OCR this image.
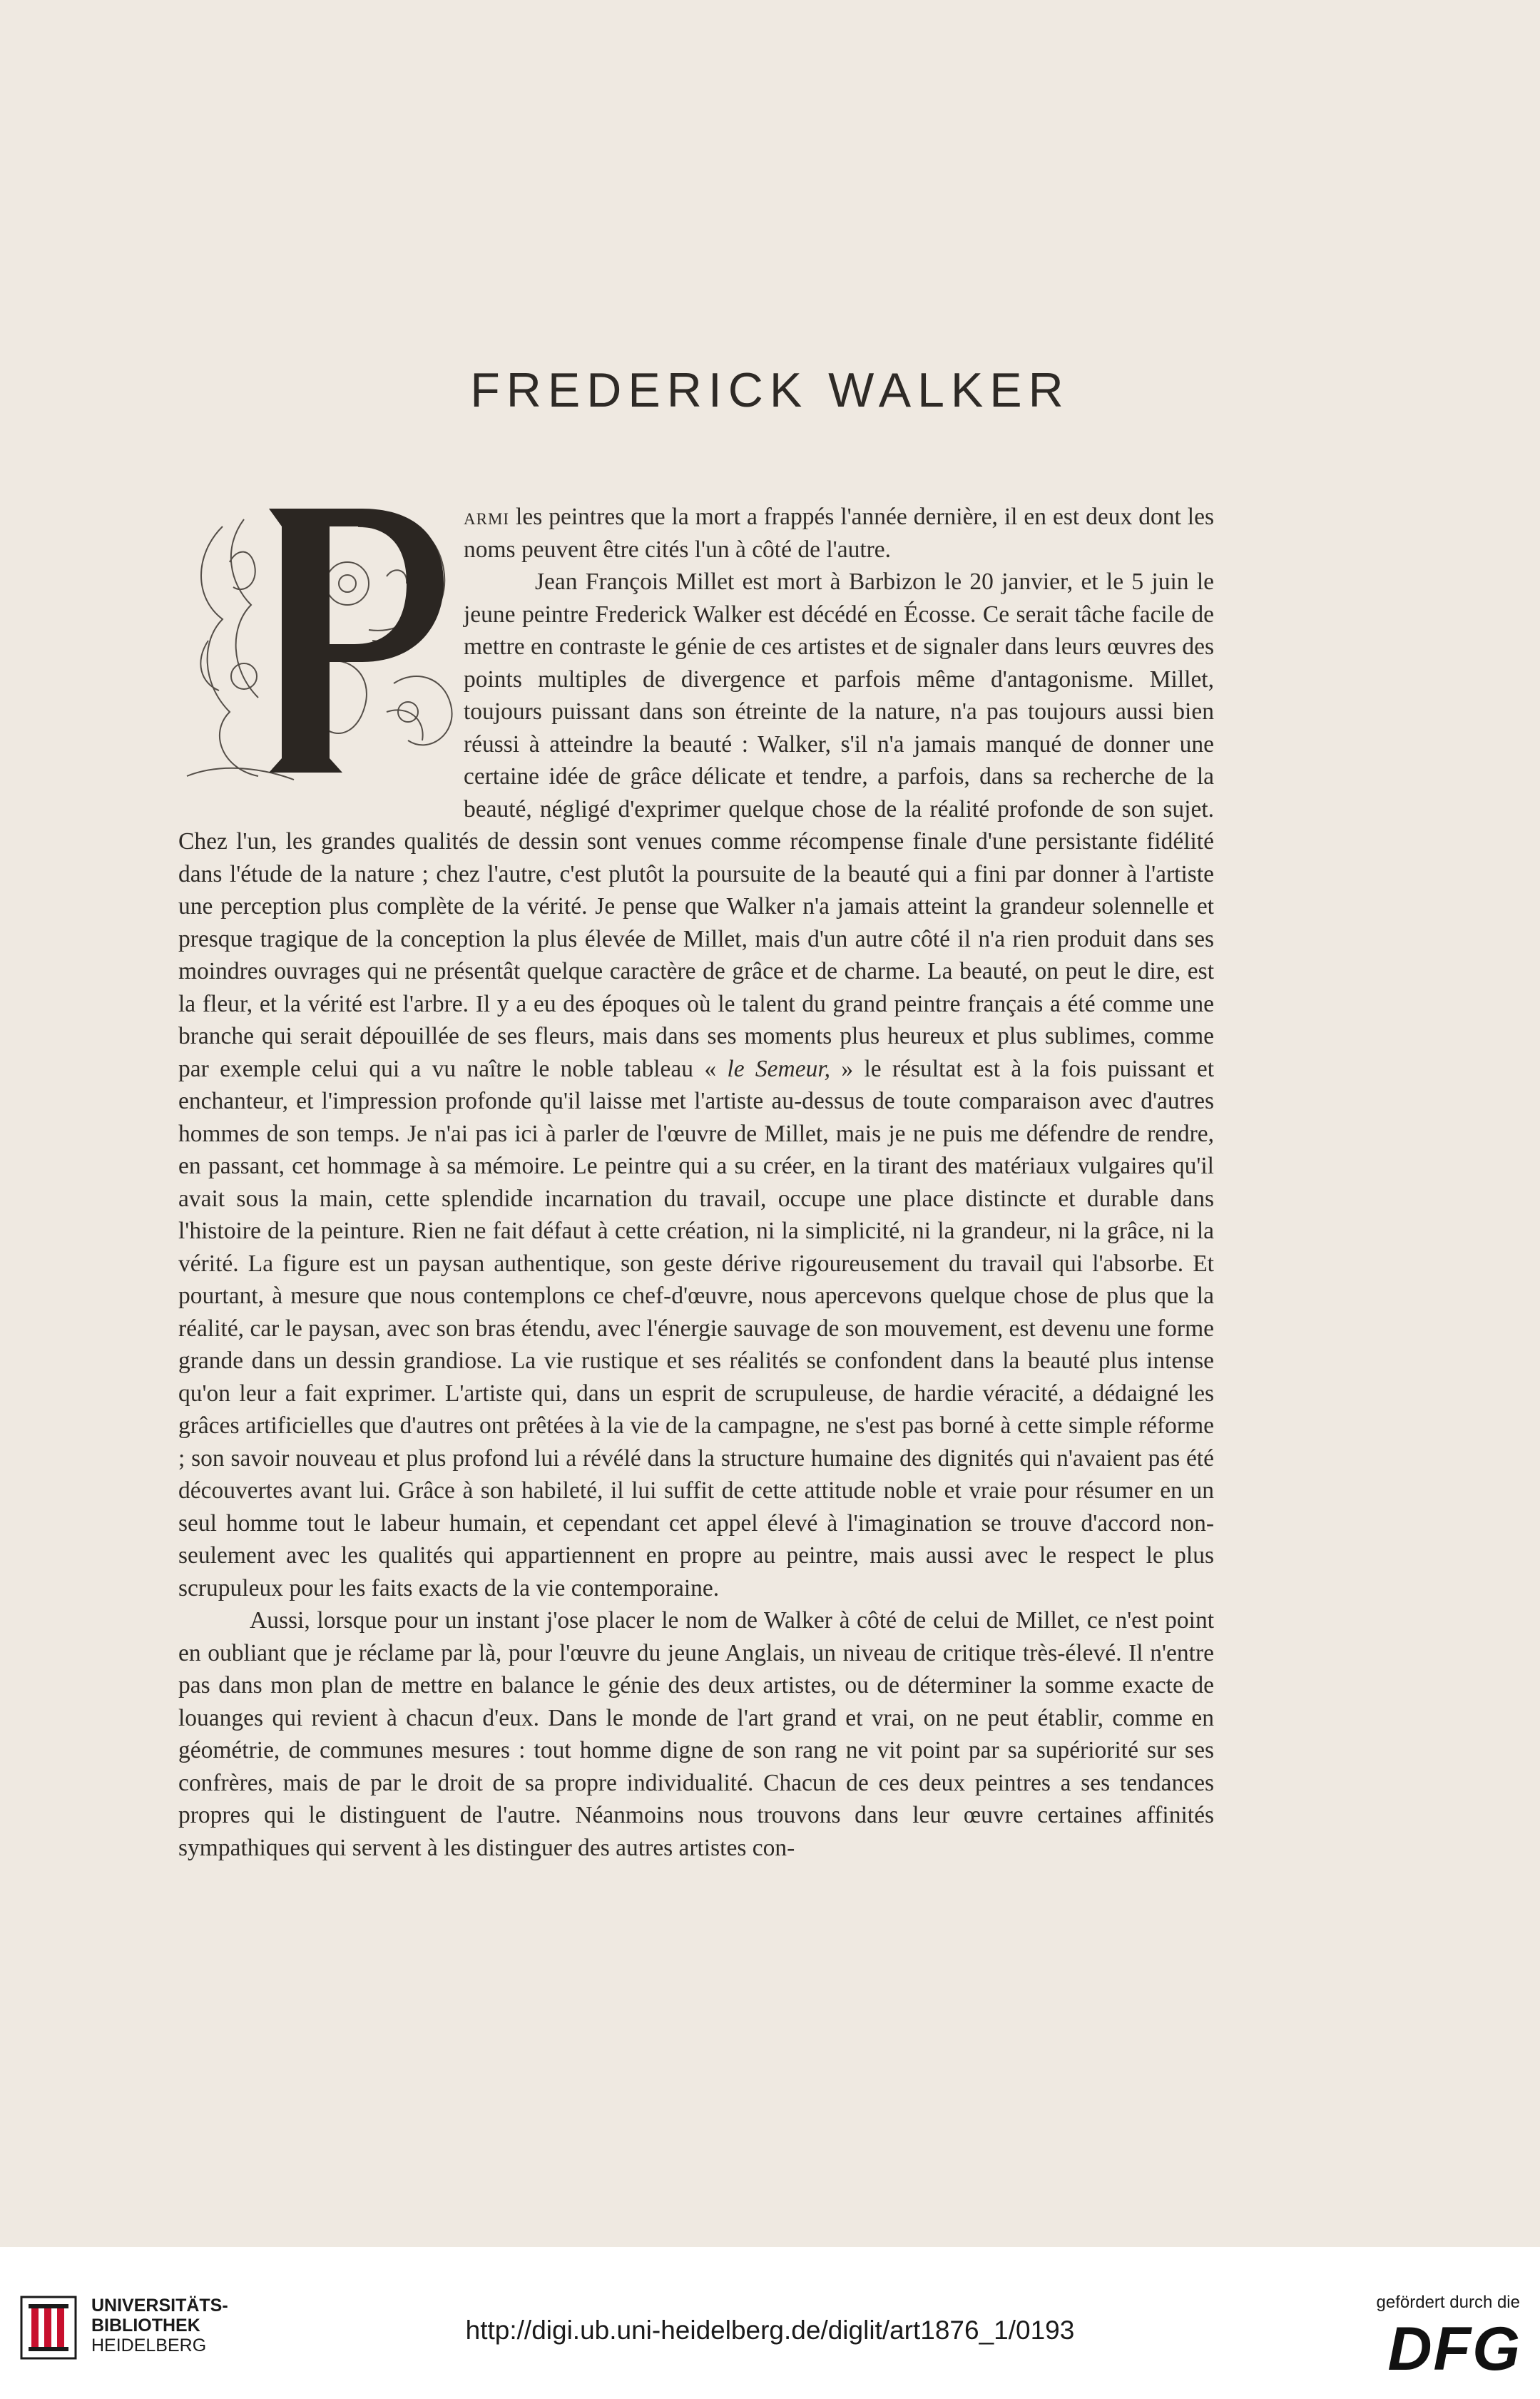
FREDERICK WALKER
P

armi les peintres que la mort a frappés l'année dernière, il en est deux dont les noms peuvent être cités l'un à côté de l'autre.

Jean François Millet est mort à Barbizon le 20 janvier, et le 5 juin le jeune peintre Frederick Walker est décédé en Écosse. Ce serait tâche facile de mettre en contraste le génie de ces artistes et de signaler dans leurs œuvres des points multiples de divergence et parfois même d'antagonisme. Millet, toujours puissant dans son étreinte de la nature, n'a pas toujours aussi bien réussi à atteindre la beauté : Walker, s'il n'a jamais manqué de donner une certaine idée de grâce délicate et tendre, a parfois, dans sa recherche de la beauté, négligé d'exprimer quelque chose de la réalité profonde de son sujet. Chez l'un, les grandes qualités de dessin sont venues comme récompense finale d'une persistante fidélité dans l'étude de la nature ; chez l'autre, c'est plutôt la poursuite de la beauté qui a fini par donner à l'artiste une perception plus complète de la vérité. Je pense que Walker n'a jamais atteint la grandeur solennelle et presque tragique de la conception la plus élevée de Millet, mais d'un autre côté il n'a rien produit dans ses moindres ouvrages qui ne présentât quelque caractère de grâce et de charme. La beauté, on peut le dire, est la fleur, et la vérité est l'arbre. Il y a eu des époques où le talent du grand peintre français a été comme une branche qui serait dépouillée de ses fleurs, mais dans ses moments plus heureux et plus sublimes, comme par exemple celui qui a vu naître le noble tableau « le Semeur, » le résultat est à la fois puissant et enchanteur, et l'impression profonde qu'il laisse met l'artiste au-dessus de toute comparaison avec d'autres hommes de son temps. Je n'ai pas ici à parler de l'œuvre de Millet, mais je ne puis me défendre de rendre, en passant, cet hommage à sa mémoire. Le peintre qui a su créer, en la tirant des matériaux vulgaires qu'il avait sous la main, cette splendide incarnation du travail, occupe une place distincte et durable dans l'histoire de la peinture. Rien ne fait défaut à cette création, ni la simplicité, ni la grandeur, ni la grâce, ni la vérité. La figure est un paysan authentique, son geste dérive rigoureusement du travail qui l'absorbe. Et pourtant, à mesure que nous contemplons ce chef-d'œuvre, nous apercevons quelque chose de plus que la réalité, car le paysan, avec son bras étendu, avec l'énergie sauvage de son mouvement, est devenu une forme grande dans un dessin grandiose. La vie rustique et ses réalités se confondent dans la beauté plus intense qu'on leur a fait exprimer. L'artiste qui, dans un esprit de scrupuleuse, de hardie véracité, a dédaigné les grâces artificielles que d'autres ont prêtées à la vie de la campagne, ne s'est pas borné à cette simple réforme ; son savoir nouveau et plus profond lui a révélé dans la structure humaine des dignités qui n'avaient pas été découvertes avant lui. Grâce à son habileté, il lui suffit de cette attitude noble et vraie pour résumer en un seul homme tout le labeur humain, et cependant cet appel élevé à l'imagination se trouve d'accord non-seulement avec les qualités qui appartiennent en propre au peintre, mais aussi avec le respect le plus scrupuleux pour les faits exacts de la vie contemporaine.

Aussi, lorsque pour un instant j'ose placer le nom de Walker à côté de celui de Millet, ce n'est point en oubliant que je réclame par là, pour l'œuvre du jeune Anglais, un niveau de critique très-élevé. Il n'entre pas dans mon plan de mettre en balance le génie des deux artistes, ou de déterminer la somme exacte de louanges qui revient à chacun d'eux. Dans le monde de l'art grand et vrai, on ne peut établir, comme en géométrie, de communes mesures : tout homme digne de son rang ne vit point par sa supériorité sur ses confrères, mais de par le droit de sa propre individualité. Chacun de ces deux peintres a ses tendances propres qui le distinguent de l'autre. Néanmoins nous trouvons dans leur œuvre certaines affinités sympathiques qui servent à les distinguer des autres artistes con-

UNIVERSITÄTS-
BIBLIOTHEK
HEIDELBERG
http://digi.ub.uni-heidelberg.de/diglit/art1876_1/0193
gefördert durch die
DFG
